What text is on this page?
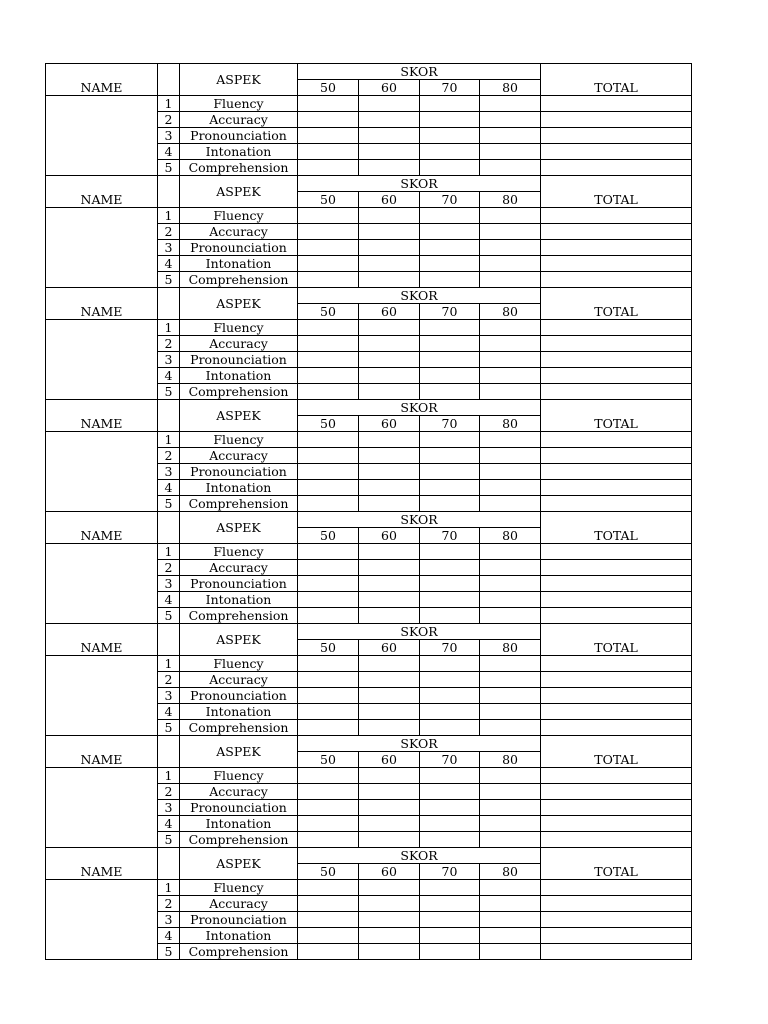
NAME		ASPEK	SKOR				TOTAL
			50	60	70	80	
	1	Fluency					
	2	Accuracy					
	3	Pronounciation					
	4	Intonation					
	5	Comprehension					
NAME		ASPEK	SKOR				TOTAL
			50	60	70	80	
	1	Fluency					
	2	Accuracy					
	3	Pronounciation					
	4	Intonation					
	5	Comprehension					
NAME		ASPEK	SKOR				TOTAL
			50	60	70	80	
	1	Fluency					
	2	Accuracy					
	3	Pronounciation					
	4	Intonation					
	5	Comprehension					
NAME		ASPEK	SKOR				TOTAL
			50	60	70	80	
	1	Fluency					
	2	Accuracy					
	3	Pronounciation					
	4	Intonation					
	5	Comprehension					
NAME		ASPEK	SKOR				TOTAL
			50	60	70	80	
	1	Fluency					
	2	Accuracy					
	3	Pronounciation					
	4	Intonation					
	5	Comprehension					
NAME		ASPEK	SKOR				TOTAL
			50	60	70	80	
	1	Fluency					
	2	Accuracy					
	3	Pronounciation					
	4	Intonation					
	5	Comprehension					
NAME		ASPEK	SKOR				TOTAL
			50	60	70	80	
	1	Fluency					
	2	Accuracy					
	3	Pronounciation					
	4	Intonation					
	5	Comprehension					
NAME		ASPEK	SKOR				TOTAL
			50	60	70	80	
	1	Fluency					
	2	Accuracy					
	3	Pronounciation					
	4	Intonation					
	5	Comprehension					
